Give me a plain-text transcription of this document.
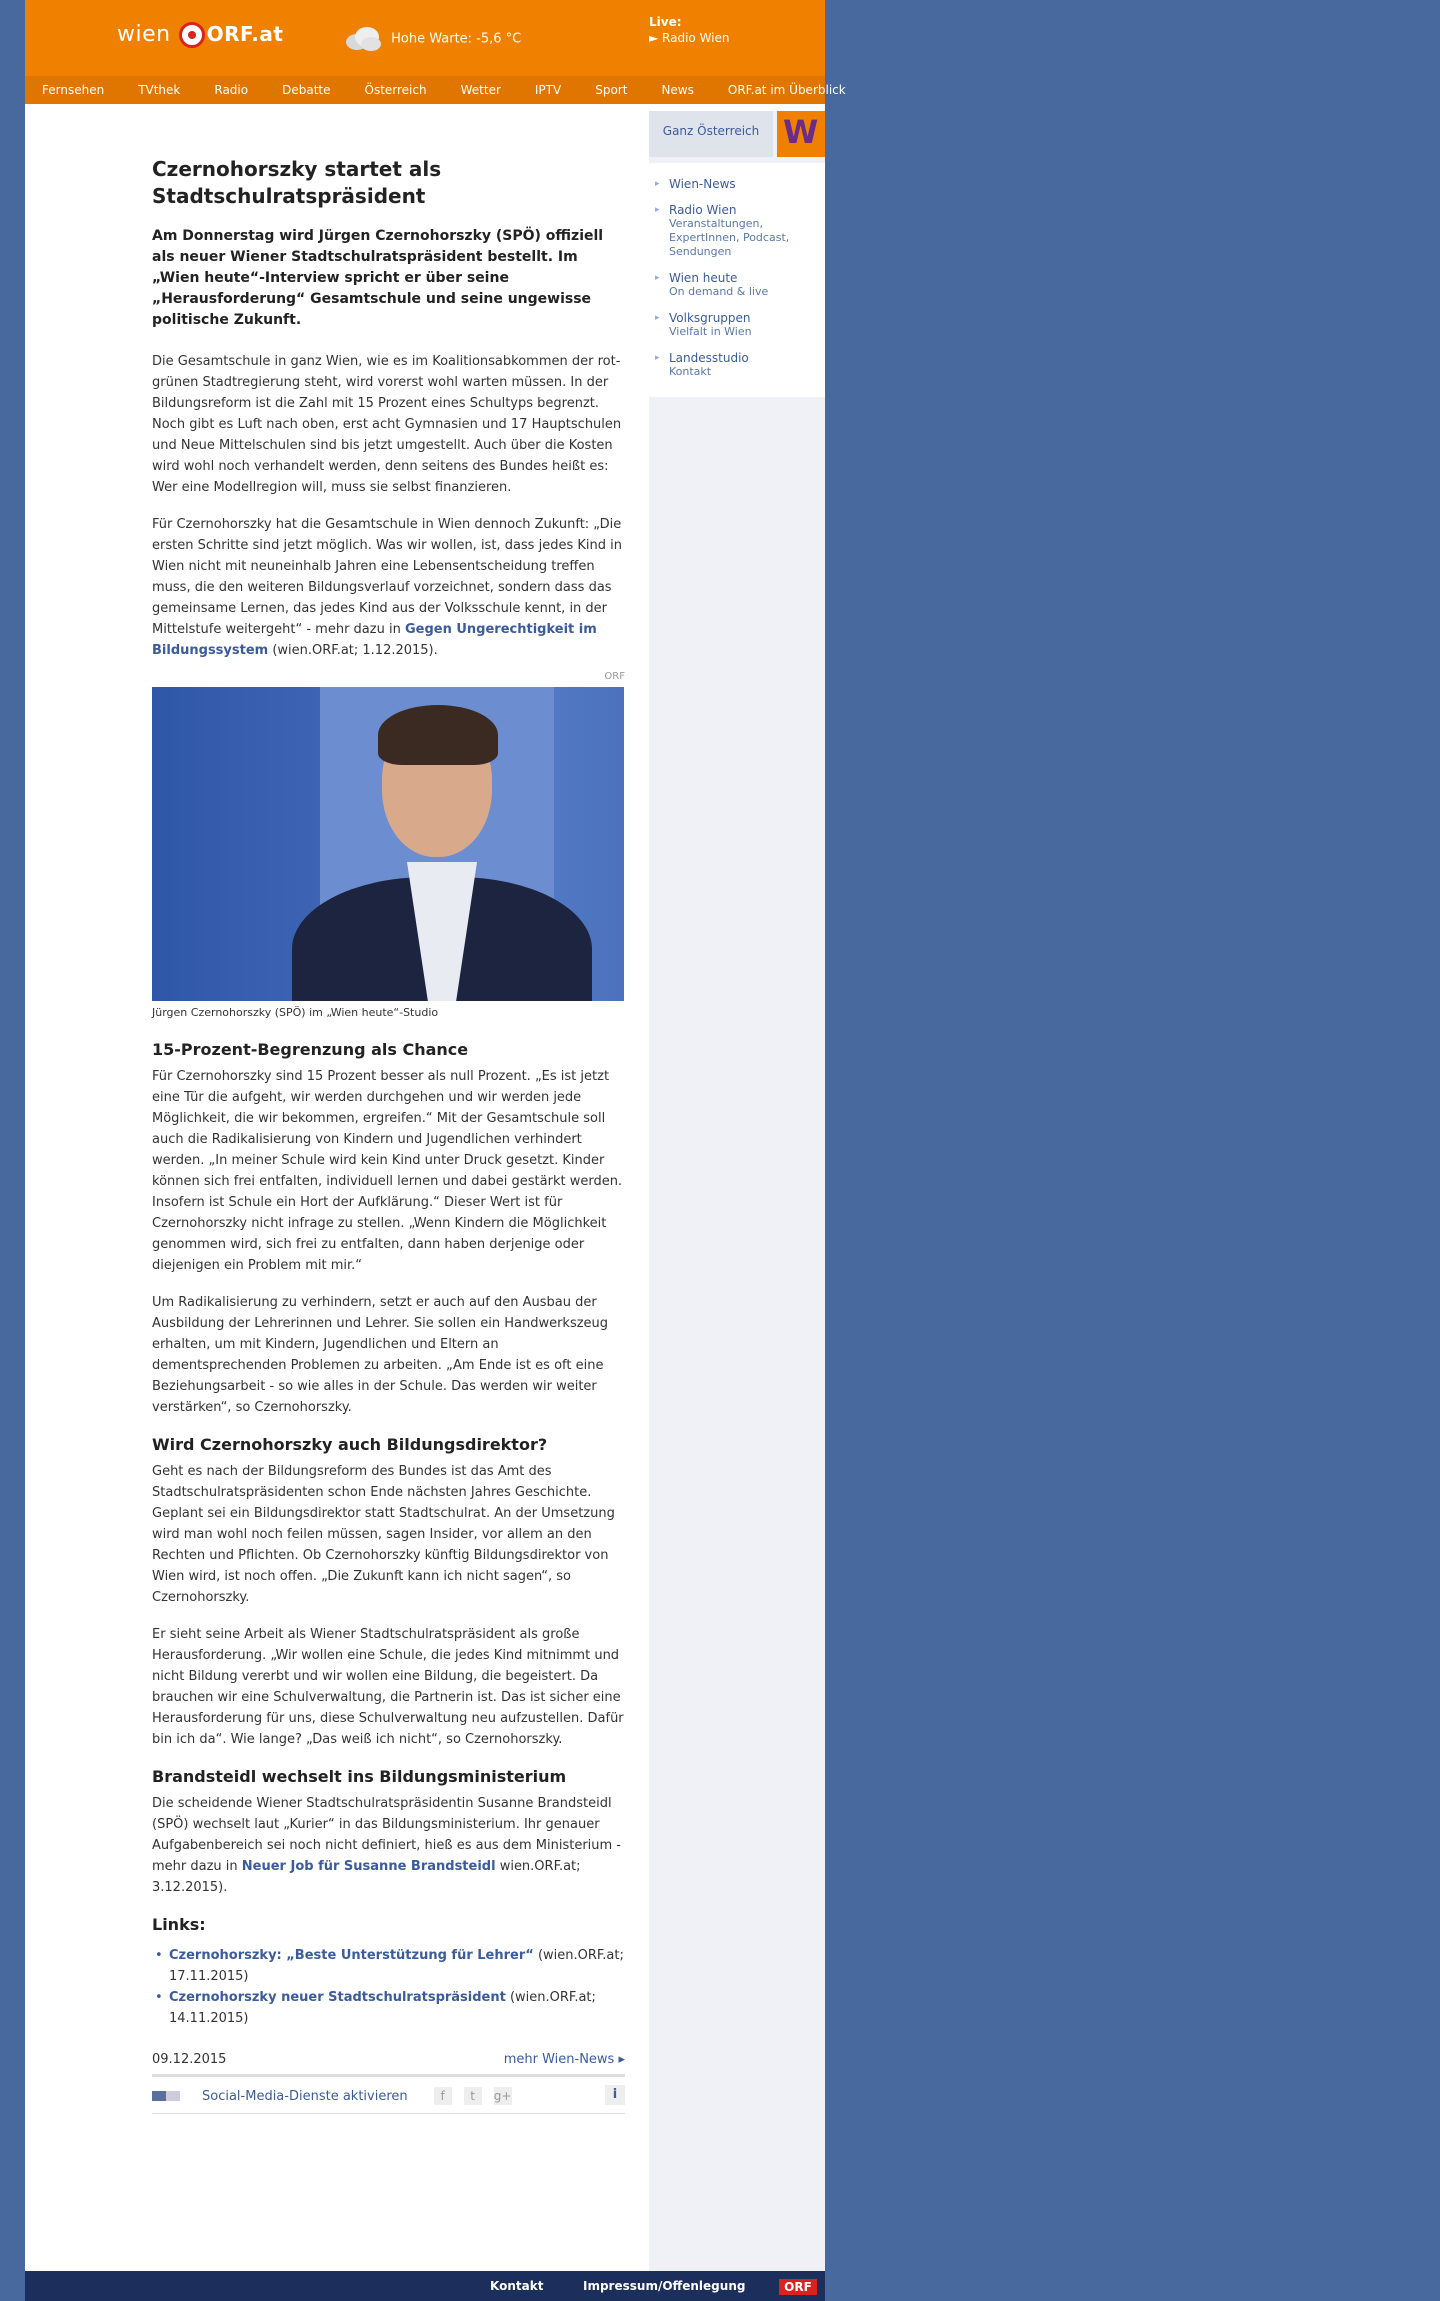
wien ORF.at	Hohe Warte: -5,6 °C
Live:
► Radio Wien
Fernsehen	TVthek	Radio	Debatte	Österreich	Wetter	IPTV	Sport	News	ORF.at im Überblick
Czernohorszky startet als Stadtschulratspräsident
Am Donnerstag wird Jürgen Czernohorszky (SPÖ) offiziell als neuer Wiener Stadtschulratspräsident bestellt. Im „Wien heute“-Interview spricht er über seine „Herausforderung“ Gesamtschule und seine ungewisse politische Zukunft.

Die Gesamtschule in ganz Wien, wie es im Koalitionsabkommen der rot-grünen Stadtregierung steht, wird vorerst wohl warten müssen. In der Bildungsreform ist die Zahl mit 15 Prozent eines Schultyps begrenzt. Noch gibt es Luft nach oben, erst acht Gymnasien und 17 Hauptschulen und Neue Mittelschulen sind bis jetzt umgestellt. Auch über die Kosten wird wohl noch verhandelt werden, denn seitens des Bundes heißt es: Wer eine Modellregion will, muss sie selbst finanzieren.

Für Czernohorszky hat die Gesamtschule in Wien dennoch Zukunft: „Die ersten Schritte sind jetzt möglich. Was wir wollen, ist, dass jedes Kind in Wien nicht mit neuneinhalb Jahren eine Lebensentscheidung treffen muss, die den weiteren Bildungsverlauf vorzeichnet, sondern dass das gemeinsame Lernen, das jedes Kind aus der Volksschule kennt, in der Mittelstufe weitergeht“ - mehr dazu in Gegen Ungerechtigkeit im Bildungssystem (wien.ORF.at; 1.12.2015).

ORF
Jürgen Czernohorszky (SPÖ) im „Wien heute“-Studio
15-Prozent-Begrenzung als Chance

Für Czernohorszky sind 15 Prozent besser als null Prozent. „Es ist jetzt eine Tür die aufgeht, wir werden durchgehen und wir werden jede Möglichkeit, die wir bekommen, ergreifen.“ Mit der Gesamtschule soll auch die Radikalisierung von Kindern und Jugendlichen verhindert werden. „In meiner Schule wird kein Kind unter Druck gesetzt. Kinder können sich frei entfalten, individuell lernen und dabei gestärkt werden. Insofern ist Schule ein Hort der Aufklärung.“ Dieser Wert ist für Czernohorszky nicht infrage zu stellen. „Wenn Kindern die Möglichkeit genommen wird, sich frei zu entfalten, dann haben derjenige oder diejenigen ein Problem mit mir.“

Um Radikalisierung zu verhindern, setzt er auch auf den Ausbau der Ausbildung der Lehrerinnen und Lehrer. Sie sollen ein Handwerkszeug erhalten, um mit Kindern, Jugendlichen und Eltern an dementsprechenden Problemen zu arbeiten. „Am Ende ist es oft eine Beziehungsarbeit - so wie alles in der Schule. Das werden wir weiter verstärken“, so Czernohorszky.

Wird Czernohorszky auch Bildungsdirektor?

Geht es nach der Bildungsreform des Bundes ist das Amt des Stadtschulratspräsidenten schon Ende nächsten Jahres Geschichte. Geplant sei ein Bildungsdirektor statt Stadtschulrat. An der Umsetzung wird man wohl noch feilen müssen, sagen Insider, vor allem an den Rechten und Pflichten. Ob Czernohorszky künftig Bildungsdirektor von Wien wird, ist noch offen. „Die Zukunft kann ich nicht sagen“, so Czernohorszky.

Er sieht seine Arbeit als Wiener Stadtschulratspräsident als große Herausforderung. „Wir wollen eine Schule, die jedes Kind mitnimmt und nicht Bildung vererbt und wir wollen eine Bildung, die begeistert. Da brauchen wir eine Schulverwaltung, die Partnerin ist. Das ist sicher eine Herausforderung für uns, diese Schulverwaltung neu aufzustellen. Dafür bin ich da“. Wie lange? „Das weiß ich nicht“, so Czernohorszky.

Brandsteidl wechselt ins Bildungsministerium

Die scheidende Wiener Stadtschulratspräsidentin Susanne Brandsteidl (SPÖ) wechselt laut „Kurier“ in das Bildungsministerium. Ihr genauer Aufgabenbereich sei noch nicht definiert, hieß es aus dem Ministerium - mehr dazu in Neuer Job für Susanne Brandsteidl wien.ORF.at; 3.12.2015).

Links:
• Czernohorszky: „Beste Unterstützung für Lehrer“ (wien.ORF.at; 17.11.2015)
• Czernohorszky neuer Stadtschulratspräsident (wien.ORF.at; 14.11.2015)
09.12.2015	mehr Wien-News ▸
Social-Media-Dienste aktivieren	f	t	g+	i
Ganz Österreich W
▸ Wien-News
▸ Radio Wien
Veranstaltungen, ExpertInnen, Podcast, Sendungen
▸ Wien heute
On demand & live
▸ Volksgruppen
Vielfalt in Wien
▸ Landesstudio
Kontakt
Kontakt	Impressum/Offenlegung	ORF
